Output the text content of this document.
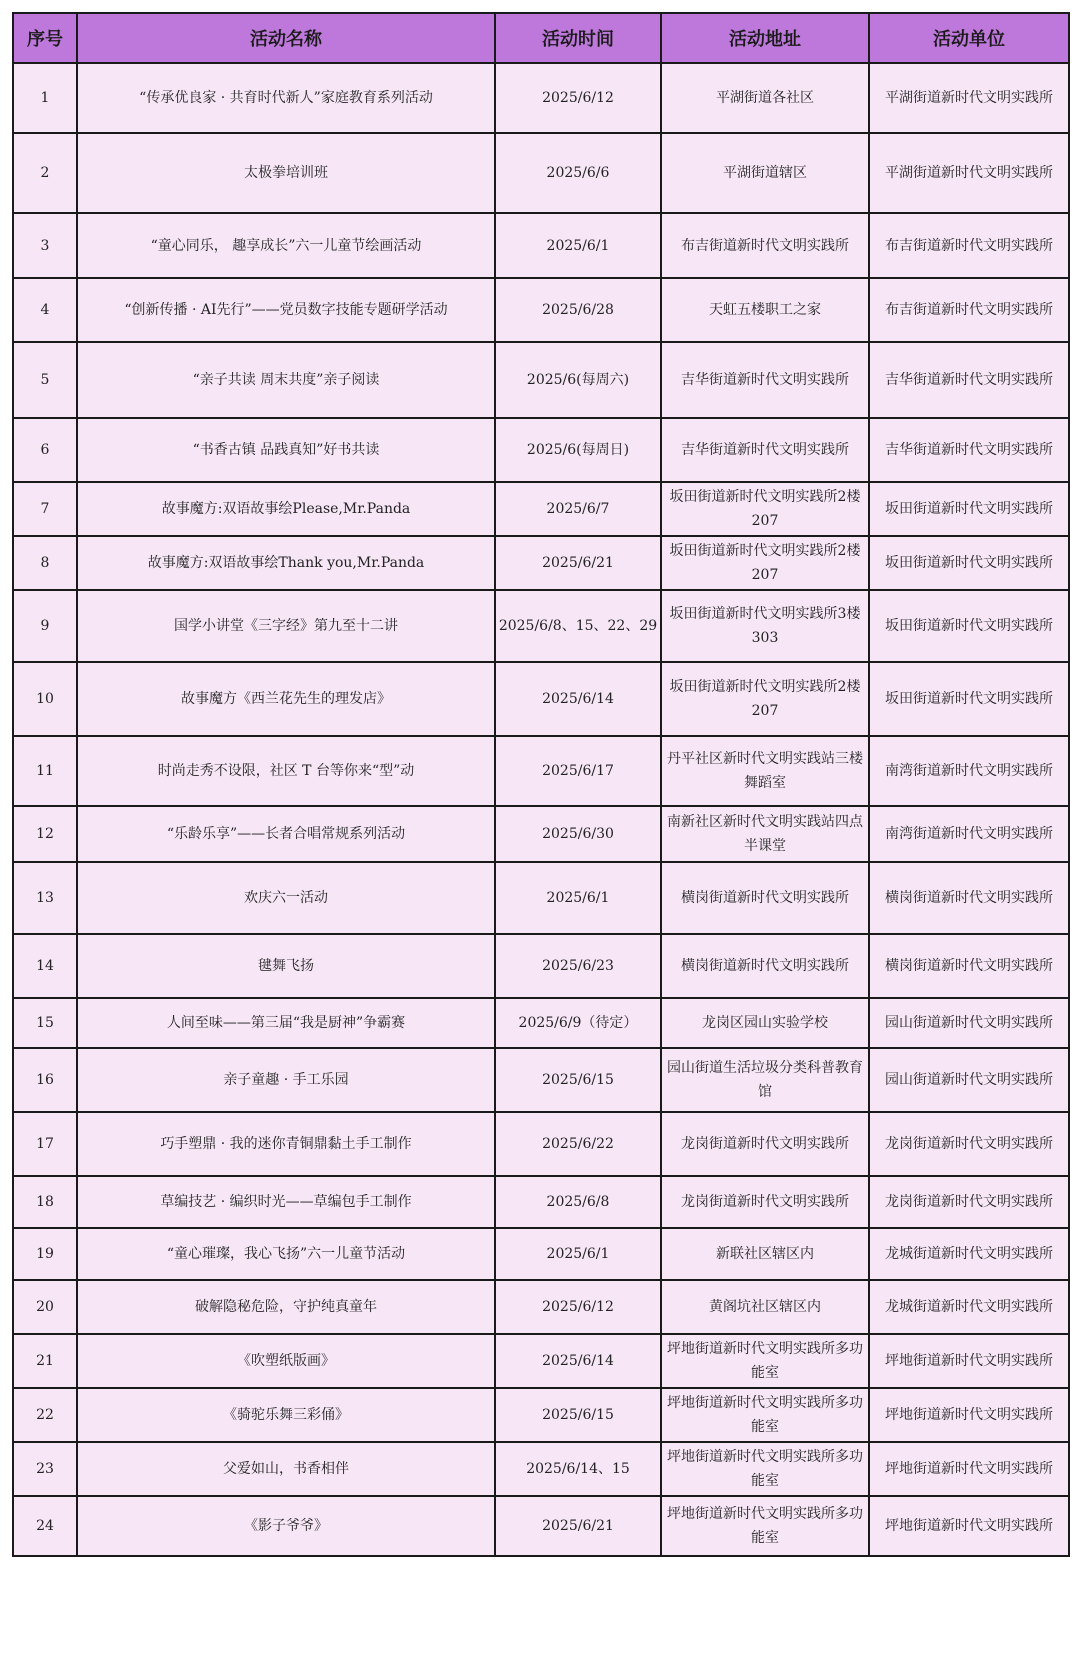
序号	活动名称	活动时间	活动地址	活动单位
1	“传承优良家 · 共育时代新人”家庭教育系列活动	2025/6/12	平湖街道各社区	平湖街道新时代文明实践所
2	太极拳培训班	2025/6/6	平湖街道辖区	平湖街道新时代文明实践所
3	“童心同乐， 趣享成长”六一儿童节绘画活动	2025/6/1	布吉街道新时代文明实践所	布吉街道新时代文明实践所
4	“创新传播 · AI先行”——党员数字技能专题研学活动	2025/6/28	天虹五楼职工之家	布吉街道新时代文明实践所
5	“亲子共读 周末共度”亲子阅读	2025/6(每周六)	吉华街道新时代文明实践所	吉华街道新时代文明实践所
6	“书香古镇 品践真知”好书共读	2025/6(每周日)	吉华街道新时代文明实践所	吉华街道新时代文明实践所
7	故事魔方:双语故事绘Please,Mr.Panda	2025/6/7	坂田街道新时代文明实践所2楼207	坂田街道新时代文明实践所
8	故事魔方:双语故事绘Thank you,Mr.Panda	2025/6/21	坂田街道新时代文明实践所2楼207	坂田街道新时代文明实践所
9	国学小讲堂《三字经》第九至十二讲	2025/6/8、15、22、29	坂田街道新时代文明实践所3楼303	坂田街道新时代文明实践所
10	故事魔方《西兰花先生的理发店》	2025/6/14	坂田街道新时代文明实践所2楼207	坂田街道新时代文明实践所
11	时尚走秀不设限，社区 T 台等你来“型”动	2025/6/17	丹平社区新时代文明实践站三楼舞蹈室	南湾街道新时代文明实践所
12	“乐龄乐享”——长者合唱常规系列活动	2025/6/30	南新社区新时代文明实践站四点半课堂	南湾街道新时代文明实践所
13	欢庆六一活动	2025/6/1	横岗街道新时代文明实践所	横岗街道新时代文明实践所
14	毽舞飞扬	2025/6/23	横岗街道新时代文明实践所	横岗街道新时代文明实践所
15	人间至味——第三届“我是厨神”争霸赛	2025/6/9（待定）	龙岗区园山实验学校	园山街道新时代文明实践所
16	亲子童趣 · 手工乐园	2025/6/15	园山街道生活垃圾分类科普教育馆	园山街道新时代文明实践所
17	巧手塑鼎 · 我的迷你青铜鼎黏土手工制作	2025/6/22	龙岗街道新时代文明实践所	龙岗街道新时代文明实践所
18	草编技艺 · 编织时光——草编包手工制作	2025/6/8	龙岗街道新时代文明实践所	龙岗街道新时代文明实践所
19	“童心璀璨，我心飞扬”六一儿童节活动	2025/6/1	新联社区辖区内	龙城街道新时代文明实践所
20	破解隐秘危险，守护纯真童年	2025/6/12	黄阁坑社区辖区内	龙城街道新时代文明实践所
21	《吹塑纸版画》	2025/6/14	坪地街道新时代文明实践所多功能室	坪地街道新时代文明实践所
22	《骑驼乐舞三彩俑》	2025/6/15	坪地街道新时代文明实践所多功能室	坪地街道新时代文明实践所
23	父爱如山，书香相伴	2025/6/14、15	坪地街道新时代文明实践所多功能室	坪地街道新时代文明实践所
24	《影子爷爷》	2025/6/21	坪地街道新时代文明实践所多功能室	坪地街道新时代文明实践所
